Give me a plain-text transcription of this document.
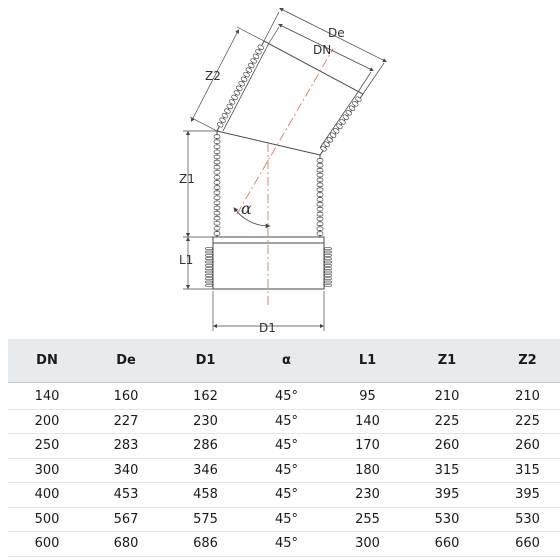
α
De
DN
Z2
Z1
L1
D1
DN	De	D1	α	L1	Z1	Z2
140	160	162	45°	95	210	210
200	227	230	45°	140	225	225
250	283	286	45°	170	260	260
300	340	346	45°	180	315	315
400	453	458	45°	230	395	395
500	567	575	45°	255	530	530
600	680	686	45°	300	660	660
